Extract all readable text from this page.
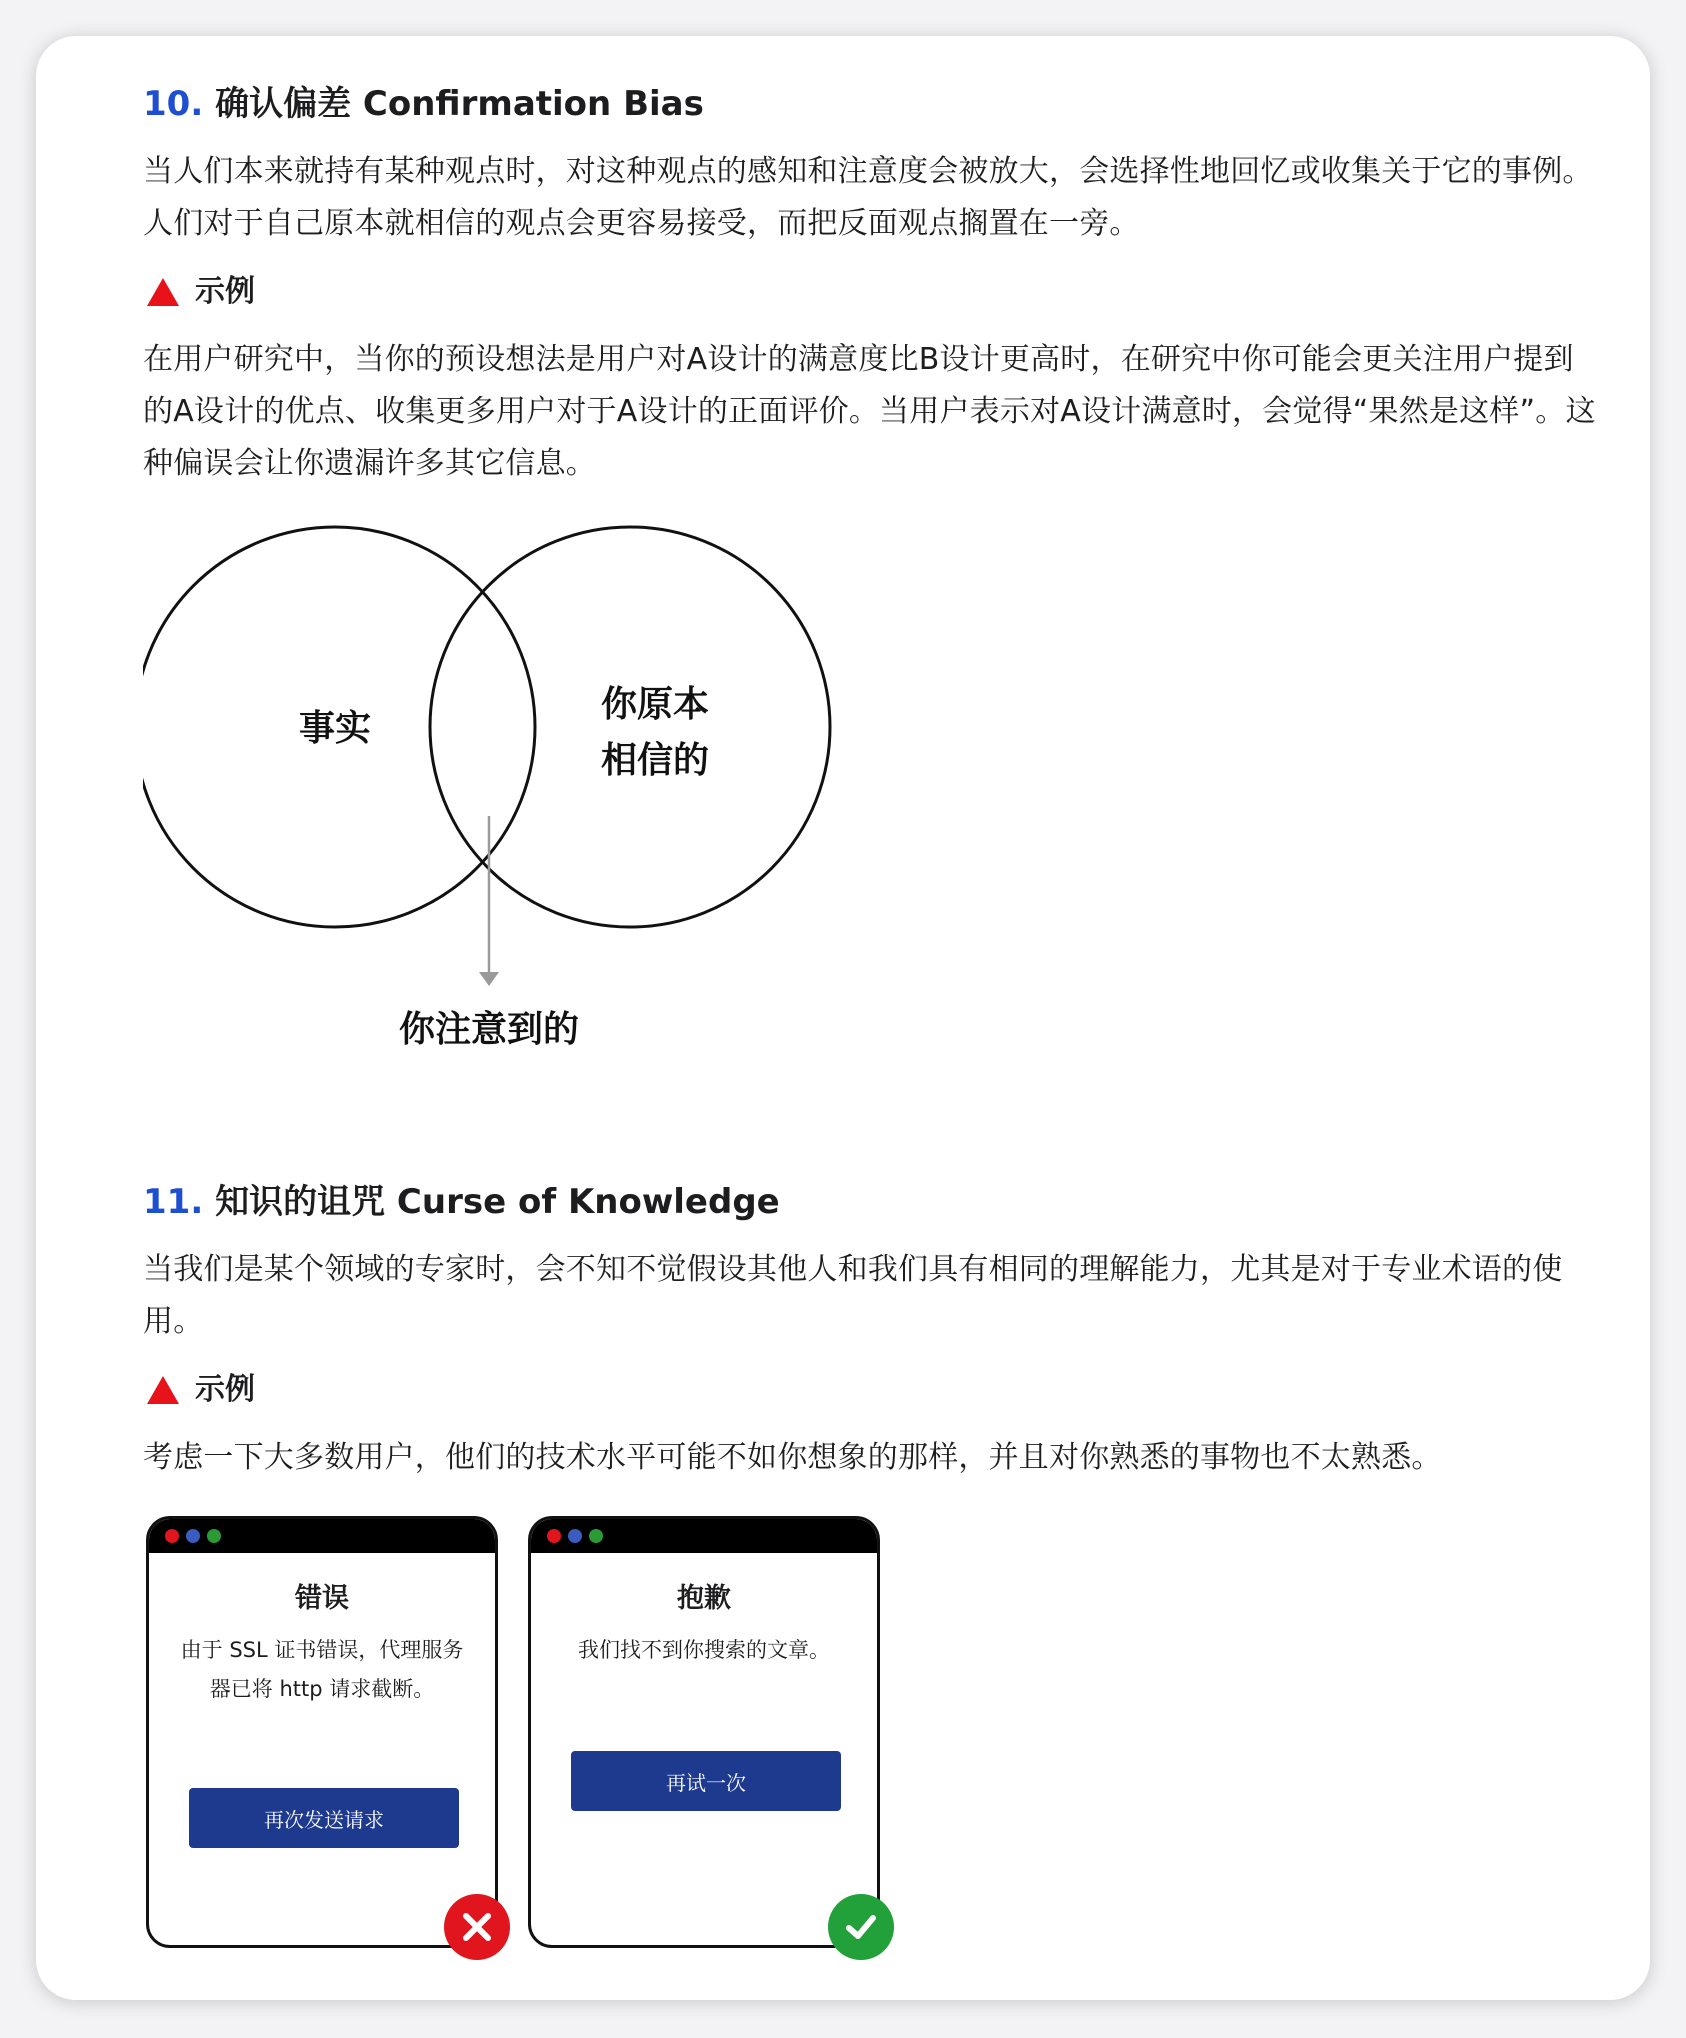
10. 确认偏差 Confirmation Bias

当人们本来就持有某种观点时，对这种观点的感知和注意度会被放大，会选择性地回忆或收集关于它的事例。人们对于自己原本就相信的观点会更容易接受，而把反面观点搁置在一旁。

示例

在用户研究中，当你的预设想法是用户对A设计的满意度比B设计更高时，在研究中你可能会更关注用户提到的A设计的优点、收集更多用户对于A设计的正面评价。当用户表示对A设计满意时，会觉得“果然是这样”。这种偏误会让你遗漏许多其它信息。

事实
你原本
相信的
你注意到的
11. 知识的诅咒 Curse of Knowledge

当我们是某个领域的专家时，会不知不觉假设其他人和我们具有相同的理解能力，尤其是对于专业术语的使用。

示例

考虑一下大多数用户，他们的技术水平可能不如你想象的那样，并且对你熟悉的事物也不太熟悉。

错误
由于 SSL 证书错误，代理服务器已将 http 请求截断。
再次发送请求
抱歉
我们找不到你搜索的文章。
再试一次
